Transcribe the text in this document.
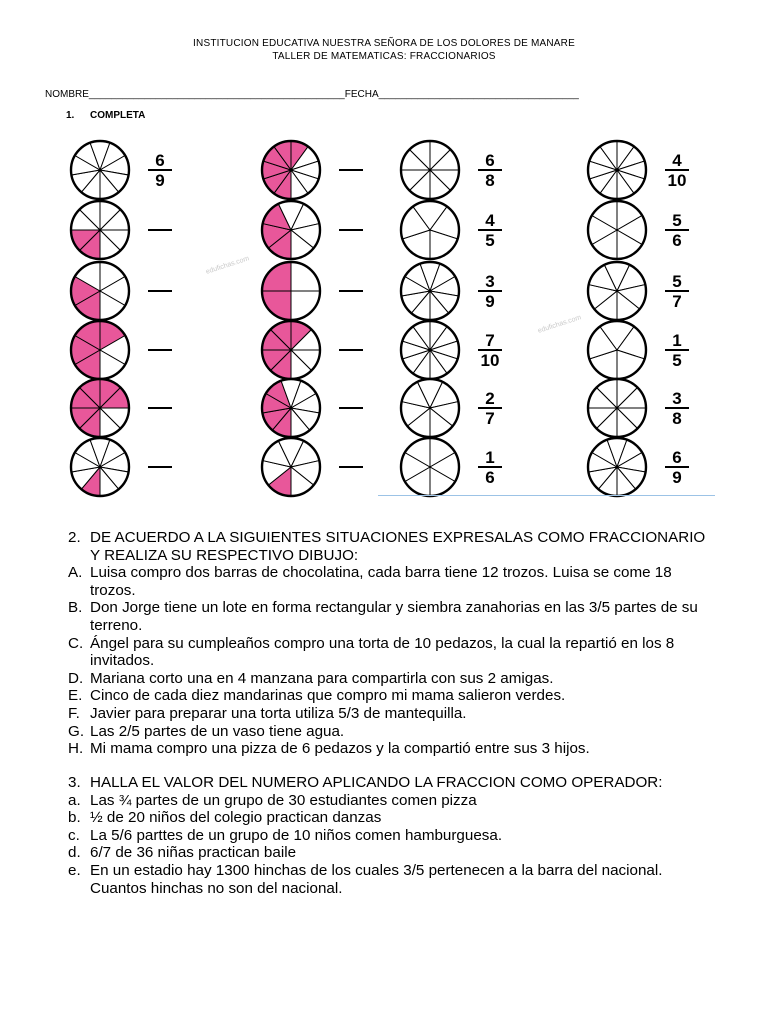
INSTITUCION EDUCATIVA NUESTRA SEÑORA DE LOS DOLORES DE MANARE
TALLER DE MATEMATICAS: FRACCIONARIOS
NOMBRE______________________________________________FECHA____________________________________
1. COMPLETA
6
9
6
8
4
10
4
5
5
6
3
9
5
7
7
10
1
5
2
7
3
8
1
6
6
9
edufichas.com
edufichas.com
2. DE ACUERDO A LA SIGUIENTES SITUACIONES EXPRESALAS COMO FRACCIONARIO Y REALIZA SU RESPECTIVO DIBUJO:
A. Luisa compro dos barras de chocolatina, cada barra tiene 12 trozos. Luisa se come 18 trozos.
B. Don Jorge tiene un lote en forma rectangular y siembra zanahorias en las 3/5 partes de su terreno.
C. Ángel para su cumpleaños compro una torta de 10 pedazos, la cual la repartió en los 8 invitados.
D. Mariana corto una en 4 manzana para compartirla con sus 2 amigas.
E. Cinco de cada diez mandarinas que compro mi mama salieron verdes.
F. Javier para preparar una torta utiliza 5/3 de mantequilla.
G. Las 2/5 partes de un vaso tiene agua.
H. Mi mama compro una pizza de 6 pedazos y la compartió entre sus 3 hijos.
3. HALLA EL VALOR DEL NUMERO APLICANDO LA FRACCION COMO OPERADOR:
a. Las ¾ partes de un grupo de 30 estudiantes comen pizza
b. ½ de 20 niños del colegio practican danzas
c. La 5/6 parttes de un grupo de 10 niños comen hamburguesa.
d. 6/7 de 36 niñas practican baile
e. En un estadio hay 1300 hinchas de los cuales 3/5 pertenecen a la barra del nacional. Cuantos hinchas no son del nacional.
